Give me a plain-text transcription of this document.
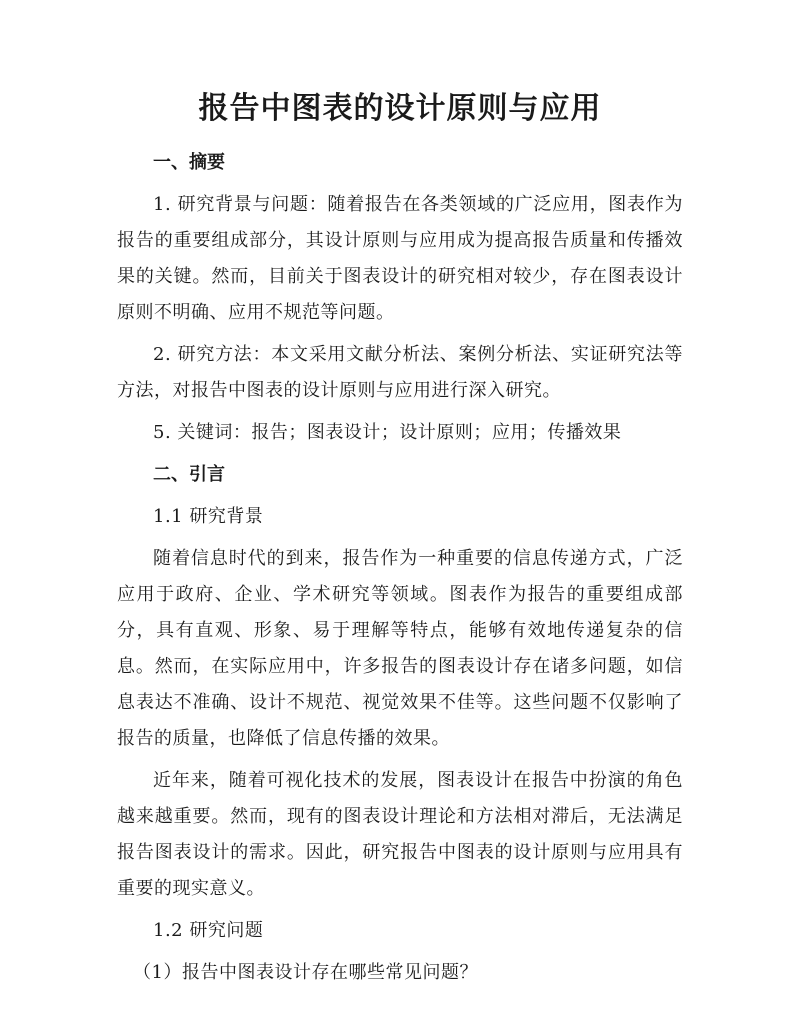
报告中图表的设计原则与应用
一、摘要

1. 研究背景与问题：随着报告在各类领域的广泛应用，图表作为报告的重要组成部分，其设计原则与应用成为提高报告质量和传播效果的关键。然而，目前关于图表设计的研究相对较少，存在图表设计原则不明确、应用不规范等问题。

2. 研究方法：本文采用文献分析法、案例分析法、实证研究法等方法，对报告中图表的设计原则与应用进行深入研究。

5. 关键词：报告；图表设计；设计原则；应用；传播效果

二、引言

1.1 研究背景

随着信息时代的到来，报告作为一种重要的信息传递方式，广泛应用于政府、企业、学术研究等领域。图表作为报告的重要组成部分，具有直观、形象、易于理解等特点，能够有效地传递复杂的信息。然而，在实际应用中，许多报告的图表设计存在诸多问题，如信息表达不准确、设计不规范、视觉效果不佳等。这些问题不仅影响了报告的质量，也降低了信息传播的效果。

近年来，随着可视化技术的发展，图表设计在报告中扮演的角色越来越重要。然而，现有的图表设计理论和方法相对滞后，无法满足报告图表设计的需求。因此，研究报告中图表的设计原则与应用具有重要的现实意义。

1.2 研究问题

（1）报告中图表设计存在哪些常见问题？
